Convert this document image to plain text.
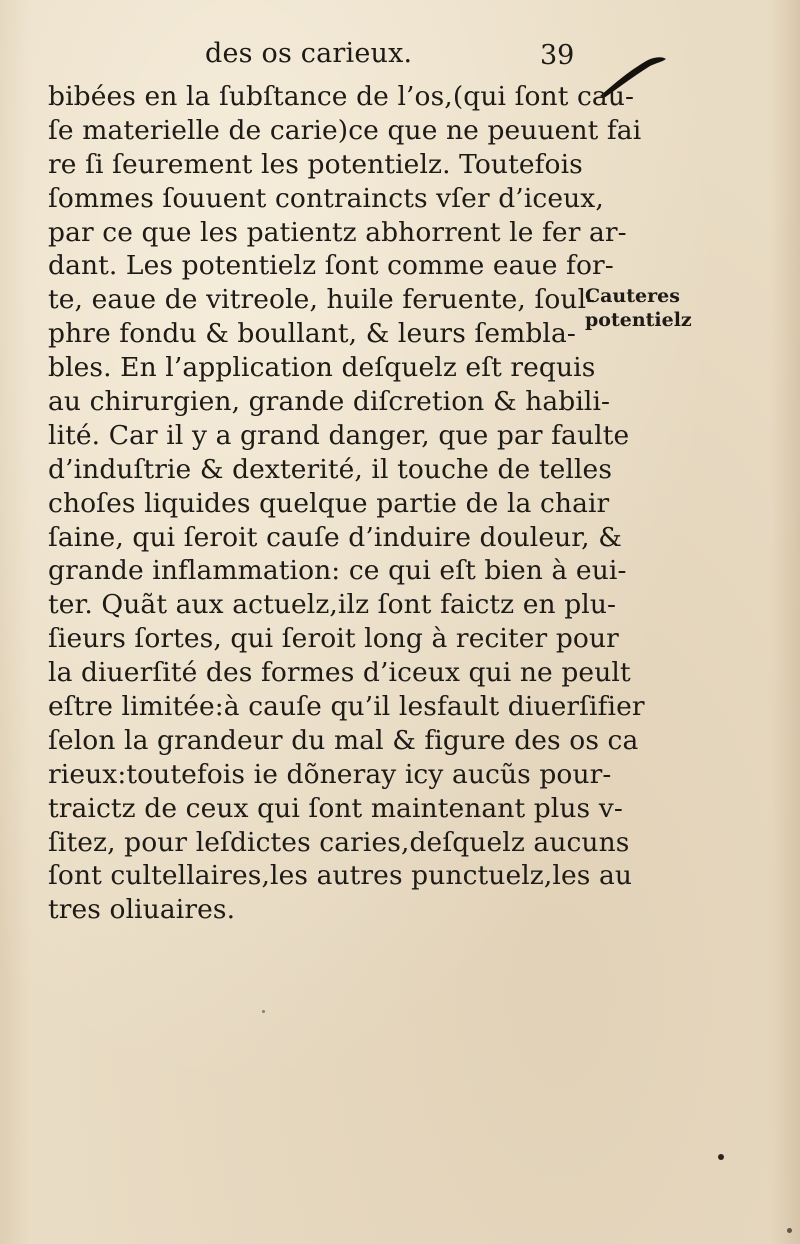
des os carieux.	39
bibées en la ſubſtance de l’os,(qui ſont cau-
ſe materielle de carie)ce que ne peuuent fai
re ſi ſeurement les potentielz. Toutefois
ſommes ſouuent contraincts vſer d’iceux,
par ce que les patientz abhorrent le fer ar-
dant. Les potentielz ſont comme eaue for-
te, eaue de vitreole, huile feruente, ſoul-
phre fondu & boullant, & leurs ſembla-
bles. En l’application deſquelz eſt requis
au chirurgien, grande diſcretion & habili-
lité. Car il y a grand danger, que par faulte
d’induſtrie & dexterité, il touche de telles
choſes liquides quelque partie de la chair
ſaine, qui ſeroit cauſe d’induire douleur, &
grande inflammation: ce qui eſt bien à eui-
ter. Quãt aux actuelz,ilz ſont faictz en plu-
ſieurs ſortes, qui ſeroit long à reciter pour
la diuerſité des formes d’iceux qui ne peult
eſtre limitée:à cauſe qu’il lesfault diuerſifier
ſelon la grandeur du mal & figure des os ca
rieux:toutefois ie dõneray icy aucũs pour-
traictz de ceux qui ſont maintenant plus v-
ſitez, pour leſdictes caries,deſquelz aucuns
ſont cultellaires,les autres punctuelz,les au
tres oliuaires.
Cauteres
potentielz
